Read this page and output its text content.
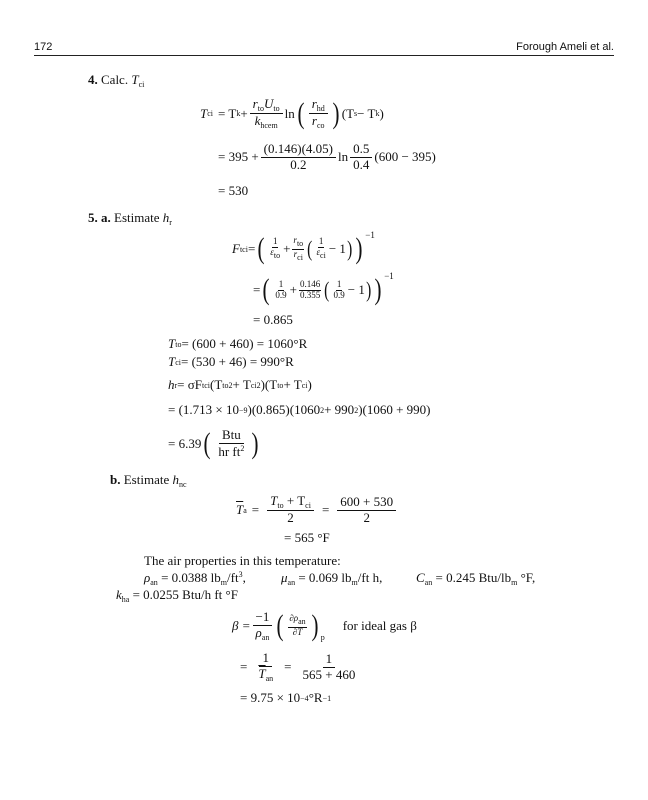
172	Forough Ameli et al.
4. Calc. $T_{ci}$
T ci = T $k + \frac{r_{to}U_{to}}{k_{hcem}}$ ln ( $\frac{r_{hd}}{r_{co}}$ ) (T s − T k )
= $395 + \frac{(0.146)(4.05)}{0.2}$ $\ln \frac{0.5}{0.4} (600 - 395)$
= 530
5. a. Estimate $h_r$
F tci = ( $\frac{1}{\varepsilon_{to}} + \frac{r_{to}}{r_{ci}}$ ( $\frac{1}{\varepsilon_{ci}} - 1$ ) ) −1
= ( $\frac{1}{0.9} + \frac{0.146}{0.355}$ ( $\frac{1}{0.9} - 1$ ) ) −1
= 0.865
T to = (600 + 460) = 1060°R
T ci = (530 + 46) = 990°R
h r = σF tci (T to 2 + T ci 2 )(T to + T ci )
= (1.713 × 10 −9 )(0.865)(1060 2 + 990 2 )(1060 + 990)
= 6.39 ( $\frac{\text{Btu}}{hr ft^2}$ )
b. Estimate $h_{nc}$
$\overline{T}$ $a = \frac{T_{to} + T_{ci}}{2} = \frac{600 + 530}{2}$
= 565 °F
The air properties in this temperature:
$\rho_{an} = 0.0388$ $lb_m/ft^3$,	$\mu_{an} = 0.069$ $lb_m/ft$ h,	$C_{an} = 0.245$ Btu/$lb_m$ °F,
$k_{ha} = 0.0255$ Btu/h ft °F
$\beta = \frac{-1}{\rho_{an}}$ ( $\frac{\partial\rho_{an}}{\partial T}$ ) $_p$
for ideal gas β
= $\frac{1}{\overline{T}_{an}} = \frac{1}{565 + 460}$
= 9.75 × 10 −4 °R −1
